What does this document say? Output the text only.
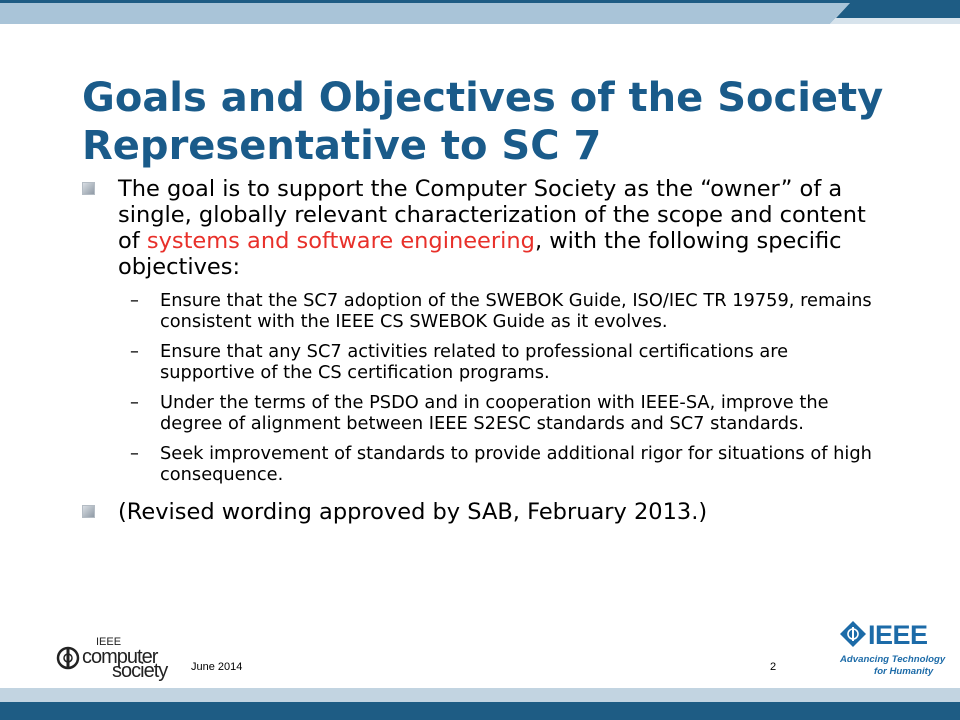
Goals and Objectives of the Society Representative to SC 7
The goal is to support the Computer Society as the “owner” of a single, globally relevant characterization of the scope and content of systems and software engineering, with the following specific objectives:
– Ensure that the SC7 adoption of the SWEBOK Guide, ISO/IEC TR 19759, remains consistent with the IEEE CS SWEBOK Guide as it evolves.
– Ensure that any SC7 activities related to professional certifications are supportive of the CS certification programs.
– Under the terms of the PSDO and in cooperation with IEEE-SA, improve the degree of alignment between IEEE S2ESC standards and SC7 standards.
– Seek improvement of standards to provide additional rigor for situations of high consequence.
(Revised wording approved by SAB, February 2013.)
IEEE
computer
society June 2014	2
IEEE
Advancing Technology
for Humanity
